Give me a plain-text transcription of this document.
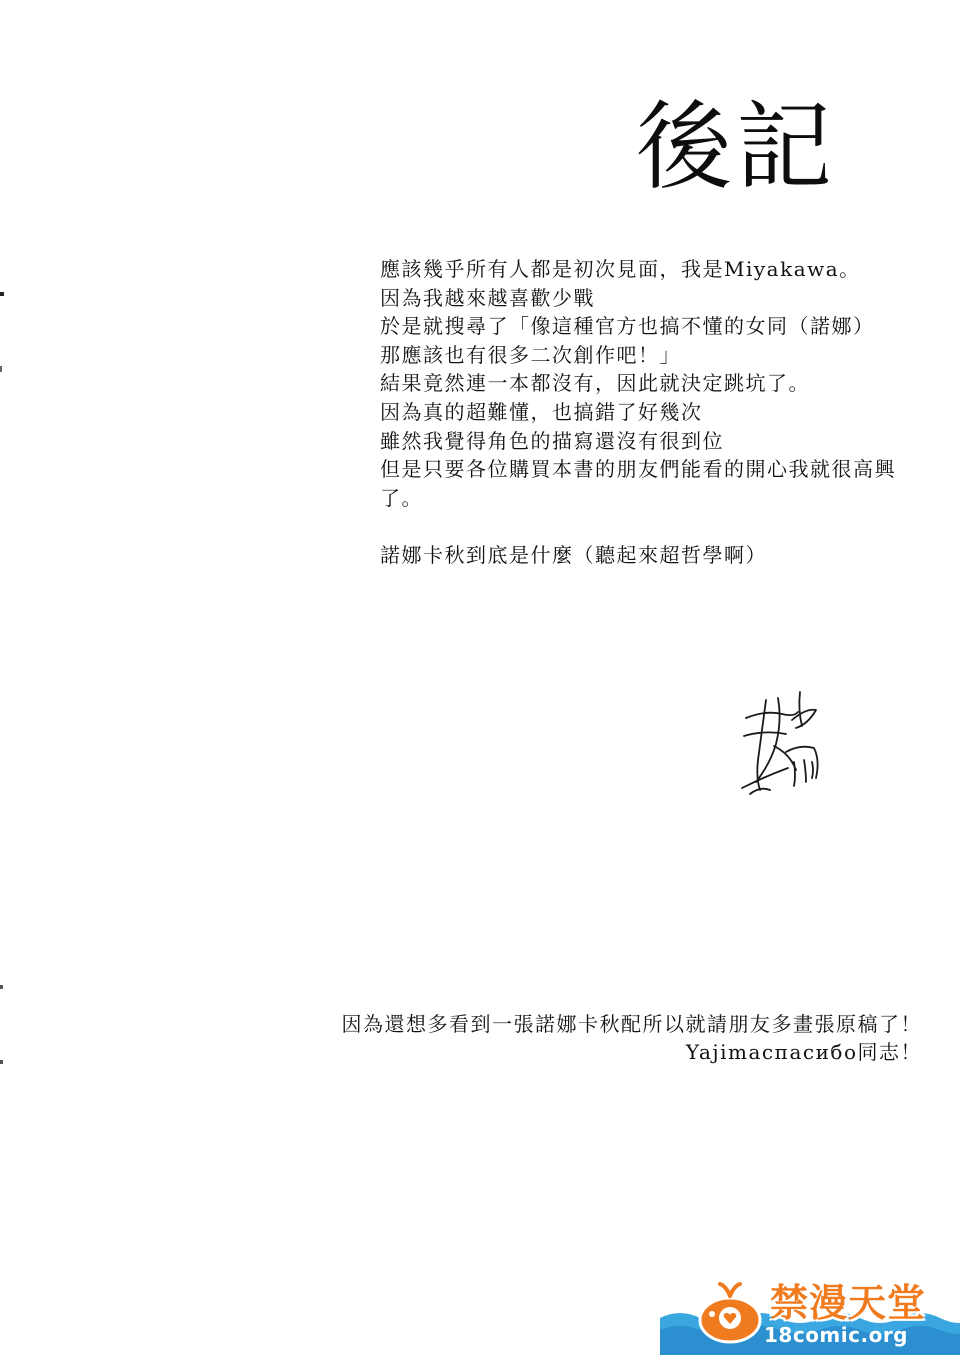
後記
應該幾乎所有人都是初次見面，我是Miyakawa。
因為我越來越喜歡少戰
於是就搜尋了「像這種官方也搞不懂的女同（諾娜）
那應該也有很多二次創作吧！」
結果竟然連一本都沒有，因此就決定跳坑了。
因為真的超難懂，也搞錯了好幾次
雖然我覺得角色的描寫還沒有很到位
但是只要各位購買本書的朋友們能看的開心我就很高興
了。
諾娜卡秋到底是什麼（聽起來超哲學啊）
因為還想多看到一張諾娜卡秋配所以就請朋友多畫張原稿了！
Yajimacпасибо同志！
禁漫天堂
18comic.org
